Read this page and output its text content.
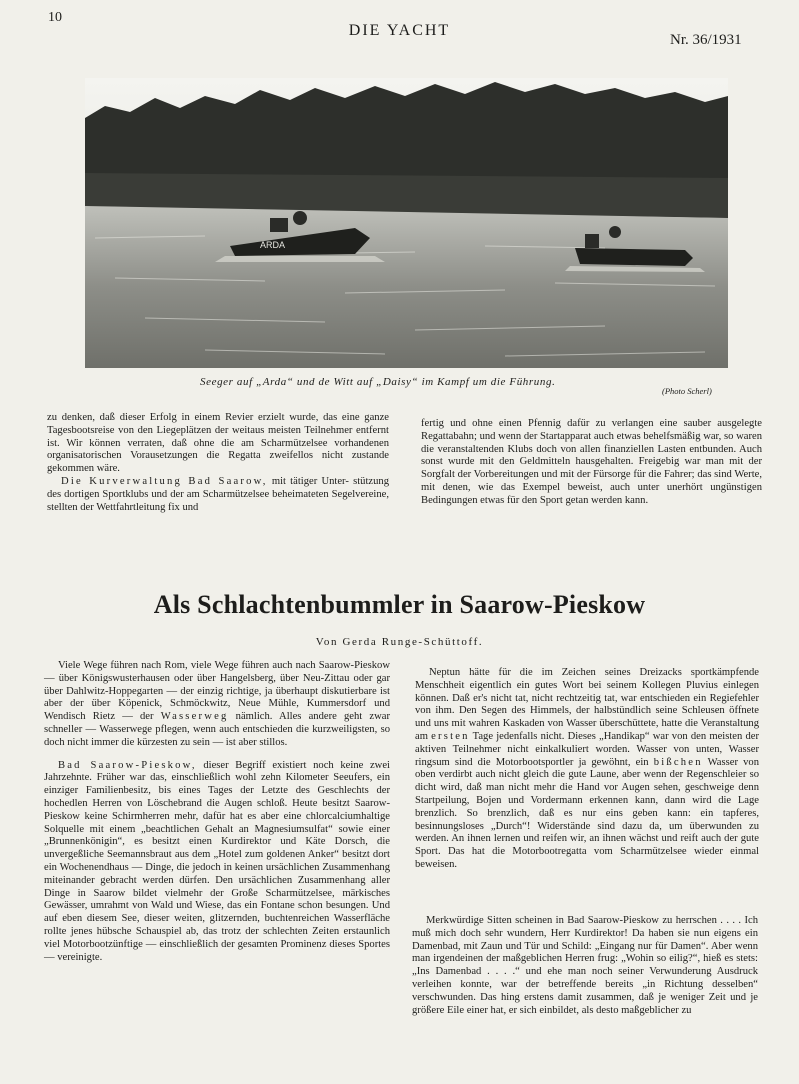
10
DIE YACHT
Nr. 36/1931
ARDA
Seeger auf „Arda“ und de Witt auf „Daisy“ im Kampf um die Führung.
(Photo Scherl)

zu denken, daß dieser Erfolg in einem Revier erzielt wurde, das eine ganze Tagesbootsreise von den Liegeplätzen der weitaus meisten Teilnehmer entfernt ist. Wir können verraten, daß ohne die am Scharmützelsee vorhandenen organisatorischen Vorausetzungen die Regatta zweifellos nicht zustande gekommen wäre.

Die Kurverwaltung Bad Saarow, mit tätiger Unter- stützung des dortigen Sportklubs und der am Scharmützelsee beheimateten Segelvereine, stellten der Wettfahrtleitung fix und

fertig und ohne einen Pfennig dafür zu verlangen eine sauber ausgelegte Regattabahn; und wenn der Startapparat auch etwas behelfsmäßig war, so waren die veranstaltenden Klubs doch von allen finanziellen Lasten entbunden. Auch sonst wurde mit den Geldmitteln hausgehalten. Freigebig war man mit der Sorgfalt der Vorbereitungen und mit der Fürsorge für die Fahrer; das sind Werte, mit denen, wie das Exempel beweist, auch unter unerhört ungünstigen Bedingungen etwas für den Sport getan werden kann.

Als Schlachtenbummler in Saarow-Pieskow
Von Gerda Runge-Schüttoff.

Viele Wege führen nach Rom, viele Wege führen auch nach Saarow-Pieskow — über Königswusterhausen oder über Hangelsberg, über Neu-Zittau oder gar über Dahlwitz-Hoppegarten — der einzig richtige, ja überhaupt diskutierbare ist aber der über Köpenick, Schmöckwitz, Neue Mühle, Kummersdorf und Wendisch Rietz — der Wasserweg nämlich. Alles andere geht zwar schneller — Wasserwege pflegen, wenn auch entschieden die kurzweiligsten, so doch nicht immer die kürzesten zu sein — ist aber stillos.

Bad Saarow-Pieskow, dieser Begriff existiert noch keine zwei Jahrzehnte. Früher war das, einschließlich wohl zehn Kilometer Seeufers, ein einziger Familienbesitz, bis eines Tages der Letzte des Geschlechts der hochedlen Herren von Löschebrand die Augen schloß. Heute besitzt Saarow-Pieskow keine Schirmherren mehr, dafür hat es aber eine chlorcalciumhaltige Solquelle mit einem „beachtlichen Gehalt an Magnesiumsulfat“ sowie einer „Brunnenkönigin“, es besitzt einen Kurdirektor und Käte Dorsch, die unvergeßliche Seemannsbraut aus dem „Hotel zum goldenen Anker“ besitzt dort ein Wochenendhaus — Dinge, die jedoch in keinen ursächlichen Zusammenhang miteinander gebracht werden dürfen. Den ursächlichen Zusammenhang aller Dinge in Saarow bildet vielmehr der Große Scharmützelsee, märkisches Gewässer, umrahmt von Wald und Wiese, das ein Fontane schon besungen. Und auf eben diesem See, dieser weiten, glitzernden, buchtenreichen Wasserfläche rollte jenes hübsche Schauspiel ab, das trotz der schlechten Zeiten erstaunlich viel Motorbootzünftige — einschließlich der gesamten Prominenz dieses Sportes — vereinigte.

Neptun hätte für die im Zeichen seines Dreizacks sportkämpfende Menschheit eigentlich ein gutes Wort bei seinem Kollegen Pluvius einlegen können. Daß er's nicht tat, nicht rechtzeitig tat, war entschieden ein Regiefehler von ihm. Den Segen des Himmels, der halbstündlich seine Schleusen öffnete und uns mit wahren Kaskaden von Wasser überschüttete, hatte die Veranstaltung am ersten Tage jedenfalls nicht. Dieses „Handikap“ war von den meisten der aktiven Teilnehmer nicht einkalkuliert worden. Wasser von unten, Wasser ringsum sind die Motorbootsportler ja gewöhnt, ein bißchen Wasser von oben verdirbt auch nicht gleich die gute Laune, aber wenn der Regenschleier so dicht wird, daß man nicht mehr die Hand vor Augen sehen, geschweige denn Startpeilung, Bojen und Vordermann erkennen kann, dann wird die Lage brenzlich. So brenzlich, daß es nur eins geben kann: ein tapferes, besinnungsloses „Durch“! Widerstände sind dazu da, um überwunden zu werden. An ihnen lernen und reifen wir, an ihnen wächst und reift auch der gute Sport. Das hat die Motorbootregatta vom Scharmützelsee wieder einmal beweisen.

Merkwürdige Sitten scheinen in Bad Saarow-Pieskow zu herrschen . . . . Ich muß mich doch sehr wundern, Herr Kurdirektor! Da haben sie nun eigens ein Damenbad, mit Zaun und Tür und Schild: „Eingang nur für Damen“. Aber wenn man irgendeinen der maßgeblichen Herren frug: „Wohin so eilig?“, hieß es stets: „Ins Damenbad . . . .“ und ehe man noch seiner Verwunderung Ausdruck verleihen konnte, war der betreffende bereits „in Richtung desselben“ verschwunden. Das hing erstens damit zusammen, daß je weniger Zeit und je größere Eile einer hat, er sich einbildet, als desto maßgeblicher zu
